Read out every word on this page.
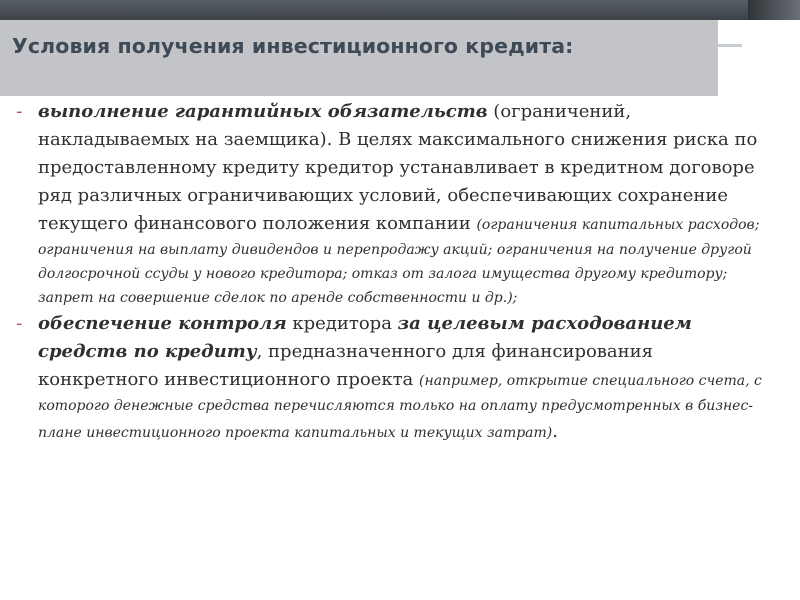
Условия получения инвестиционного кредита:

- выполнение гарантийных обязательств (ограничений, накладываемых на заемщика). В целях максимального снижения риска по предоставленному кредиту кредитор устанавливает в кредитном договоре ряд различных ограничивающих условий, обеспечивающих сохранение текущего финансового положения компании (ограничения капитальных расходов; ограничения на выплату дивидендов и перепродажу акций; ограничения на получение другой долгосрочной ссуды у нового кредитора; отказ от залога имущества другому кредитору; запрет на совершение сделок по аренде собственности и др.);

- обеспечение контроля кредитора за целевым расходованием средств по кредиту, предназначенного для финансирования конкретного инвестиционного проекта (например, открытие специального счета, с которого денежные средства перечисляются только на оплату предусмотренных в бизнес-плане инвестиционного проекта капитальных и текущих затрат).
